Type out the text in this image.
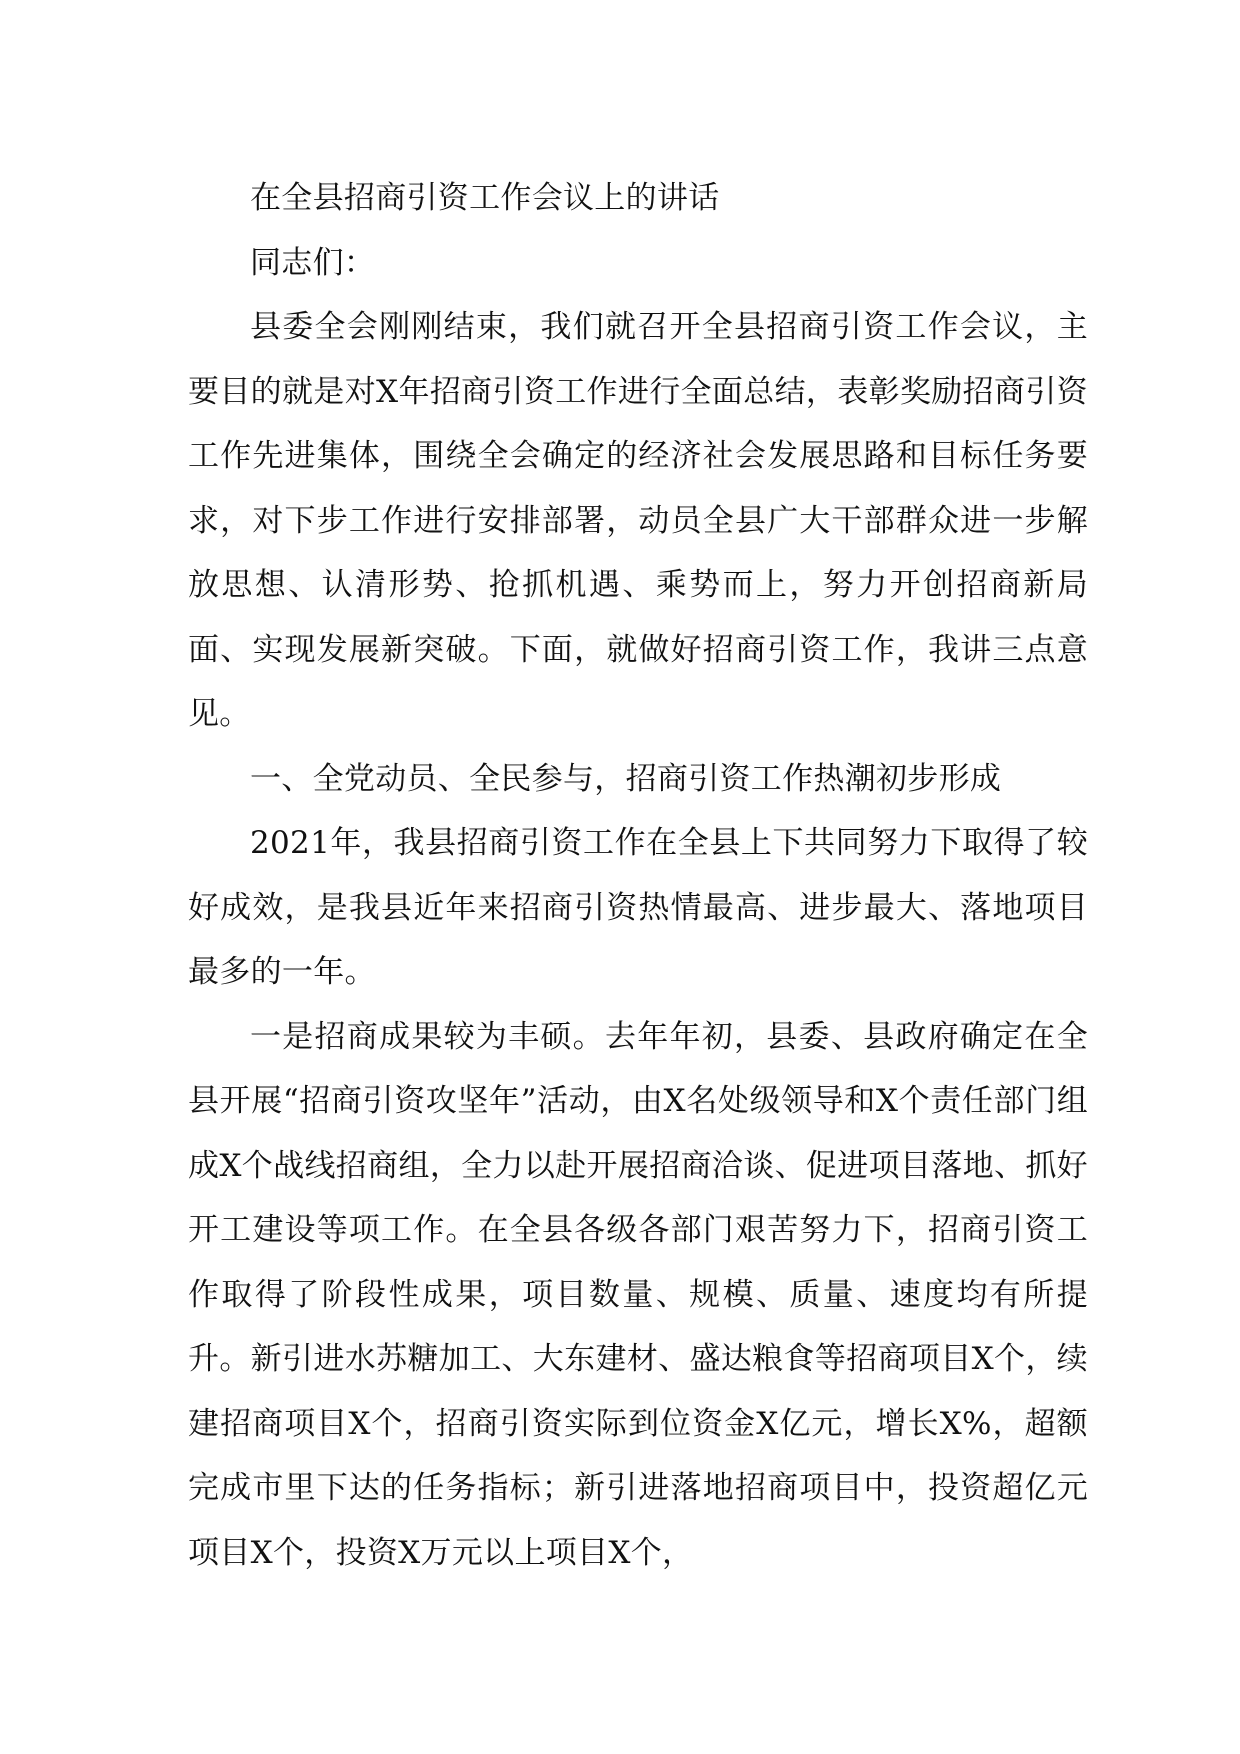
在全县招商引资工作会议上的讲话

同志们：

县委全会刚刚结束，我们就召开全县招商引资工作会议，主要目的就是对X年招商引资工作进行全面总结，表彰奖励招商引资工作先进集体，围绕全会确定的经济社会发展思路和目标任务要求，对下步工作进行安排部署，动员全县广大干部群众进一步解放思想、认清形势、抢抓机遇、乘势而上，努力开创招商新局面、实现发展新突破。下面，就做好招商引资工作，我讲三点意见。

一、全党动员、全民参与，招商引资工作热潮初步形成

2021年，我县招商引资工作在全县上下共同努力下取得了较好成效，是我县近年来招商引资热情最高、进步最大、落地项目最多的一年。

一是招商成果较为丰硕。去年年初，县委、县政府确定在全县开展“招商引资攻坚年”活动，由X名处级领导和X个责任部门组成X个战线招商组，全力以赴开展招商洽谈、促进项目落地、抓好开工建设等项工作。在全县各级各部门艰苦努力下，招商引资工作取得了阶段性成果，项目数量、规模、质量、速度均有所提升。新引进水苏糖加工、大东建材、盛达粮食等招商项目X个，续建招商项目X个，招商引资实际到位资金X亿元，增长X%，超额完成市里下达的任务指标；新引进落地招商项目中，投资超亿元项目X个，投资X万元以上项目X个，
